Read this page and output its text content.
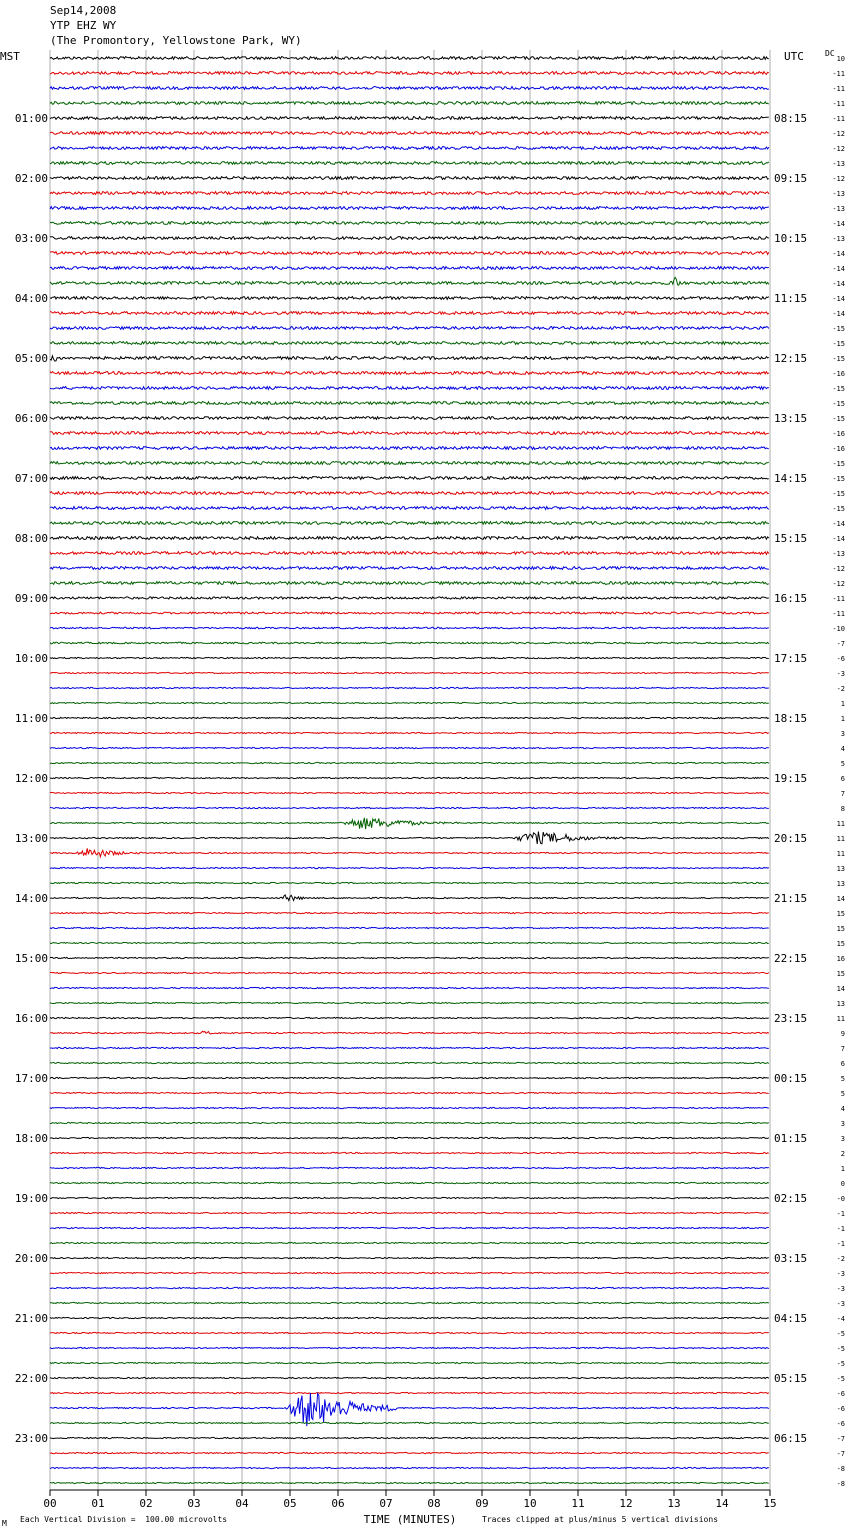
Sep14,2008
YTP EHZ WY
(The Promontory, Yellowstone Park, WY)
MST	UTC
01:00
02:00
03:00
04:00
05:00
06:00
07:00
08:00
09:00
10:00
11:00
12:00
13:00
14:00
15:00
16:00
17:00
18:00
19:00
20:00
21:00
22:00
23:00
08:15
09:15
10:15
11:15
12:15
13:15
14:15
15:15
16:15
17:15
18:15
19:15
20:15
21:15
22:15
23:15
00:15
01:15
02:15
03:15
04:15
05:15
06:15
DC
10
-11
-11
-11
-11
-12
-12
-13
-12
-13
-13
-14
-13
-14
-14
-14
-14
-14
-15
-15
-15
-16
-15
-15
-15
-16
-16
-15
-15
-15
-15
-14
-14
-13
-12
-12
-11
-11
-10
-7
-6
-3
-2
1
1
3
4
5
6
7
8
11
11
11
13
13
14
15
15
15
16
15
14
13
11
9
7
6
5
5
4
3
3
2
1
0
-0
-1
-1
-1
-2
-3
-3
-3
-4
-5
-5
-5
-5
-6
-6
-6
-7
-7
-8
-8
00	01	02	03	04	05	06	07	08	09	10	11	12	13	14	15
TIME (MINUTES)
M Each Vertical Division =  100.00 microvolts	Traces clipped at plus/minus 5 vertical divisions
